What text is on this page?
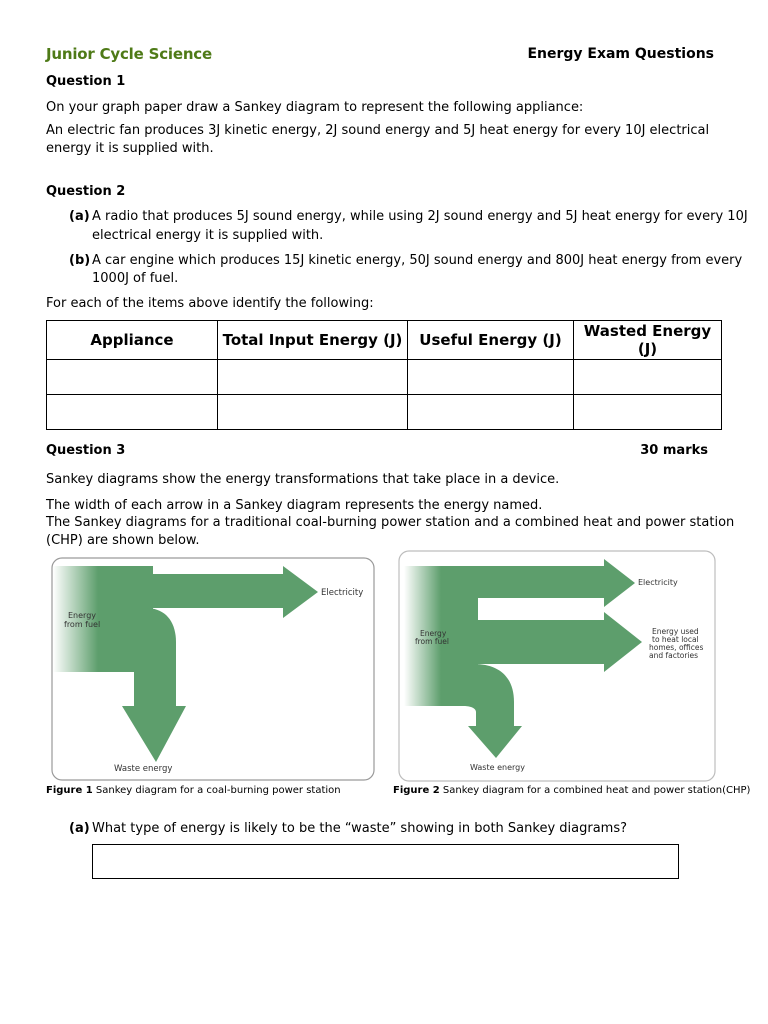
Junior Cycle Science	Energy Exam Questions
Question 1
On your graph paper draw a Sankey diagram to represent the following appliance:
An electric fan produces 3J kinetic energy, 2J sound energy and 5J heat energy for every 10J electrical
energy it is supplied with.
Question 2
(a) A radio that produces 5J sound energy, while using 2J sound energy and 5J heat energy for every 10J
electrical energy it is supplied with.
(b) A car engine which produces 15J kinetic energy, 50J sound energy and 800J heat energy from every
1000J of fuel.
For each of the items above identify the following:
Appliance	Total Input Energy (J)	Useful Energy (J)	Wasted Energy (J)

Question 3	30 marks
Sankey diagrams show the energy transformations that take place in a device.
The width of each arrow in a Sankey diagram represents the energy named.
The Sankey diagrams for a traditional coal-burning power station and a combined heat and power station
(CHP) are shown below.
Electricity
Energy
from fuel
Waste energy
Figure 1 Sankey diagram for a coal-burning power station
Electricity
Energy used
to heat local
homes, offices
and factories
Energy
from fuel
Waste energy
Figure 2 Sankey diagram for a combined heat and power station(CHP)
(a) What type of energy is likely to be the “waste” showing in both Sankey diagrams?
